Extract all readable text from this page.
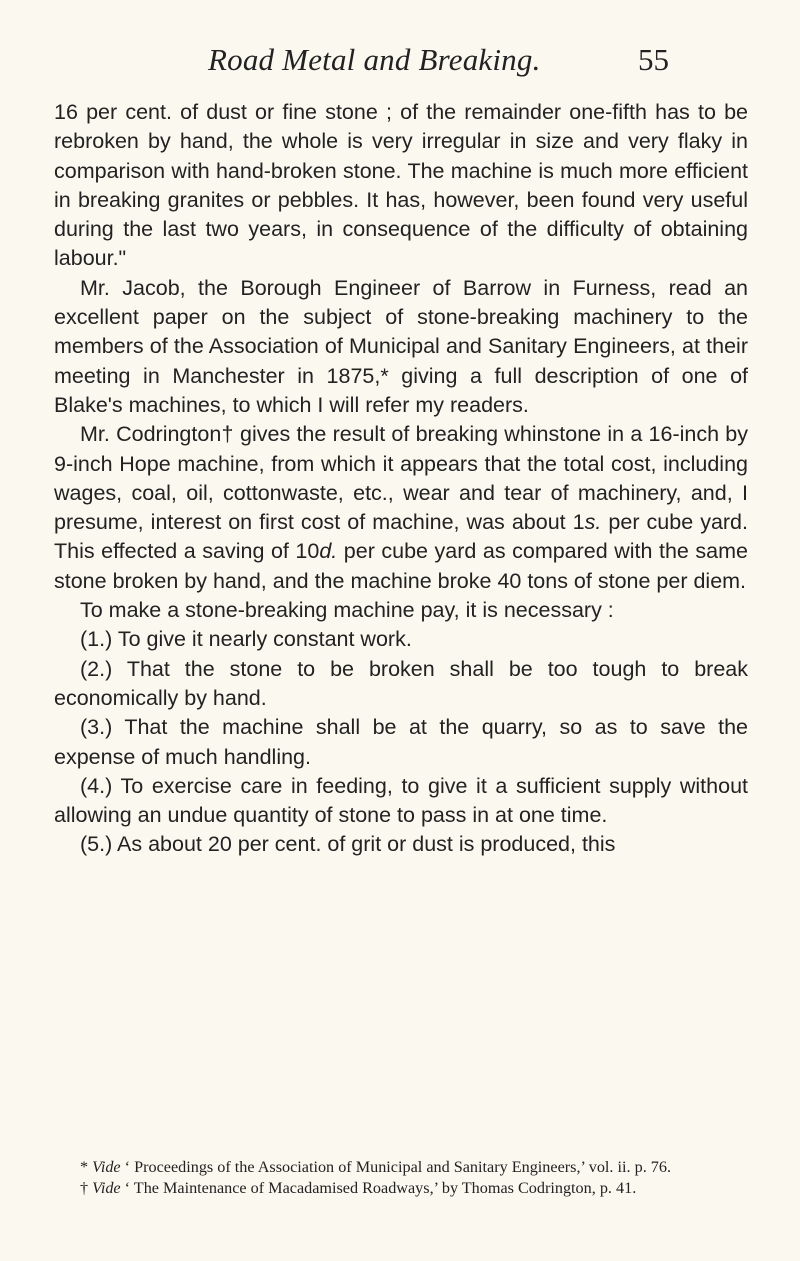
Road Metal and Breaking.	55

16 per cent. of dust or fine stone ; of the remainder one-fifth has to be rebroken by hand, the whole is very irregular in size and very flaky in comparison with hand-broken stone. The machine is much more efficient in breaking granites or pebbles. It has, however, been found very useful during the last two years, in consequence of the difficulty of obtaining labour."

Mr. Jacob, the Borough Engineer of Barrow in Furness, read an excellent paper on the subject of stone-breaking machinery to the members of the Association of Municipal and Sanitary Engineers, at their meeting in Manchester in 1875,* giving a full description of one of Blake's machines, to which I will refer my readers.

Mr. Codrington† gives the result of breaking whinstone in a 16-inch by 9-inch Hope machine, from which it appears that the total cost, including wages, coal, oil, cottonwaste, etc., wear and tear of machinery, and, I presume, interest on first cost of machine, was about 1s. per cube yard. This effected a saving of 10d. per cube yard as compared with the same stone broken by hand, and the machine broke 40 tons of stone per diem.

To make a stone-breaking machine pay, it is necessary :

(1.) To give it nearly constant work.

(2.) That the stone to be broken shall be too tough to break economically by hand.

(3.) That the machine shall be at the quarry, so as to save the expense of much handling.

(4.) To exercise care in feeding, to give it a sufficient supply without allowing an undue quantity of stone to pass in at one time.

(5.) As about 20 per cent. of grit or dust is produced, this

* Vide ‘ Proceedings of the Association of Municipal and Sanitary Engineers,’ vol. ii. p. 76.

† Vide ‘ The Maintenance of Macadamised Roadways,’ by Thomas Codrington, p. 41.
